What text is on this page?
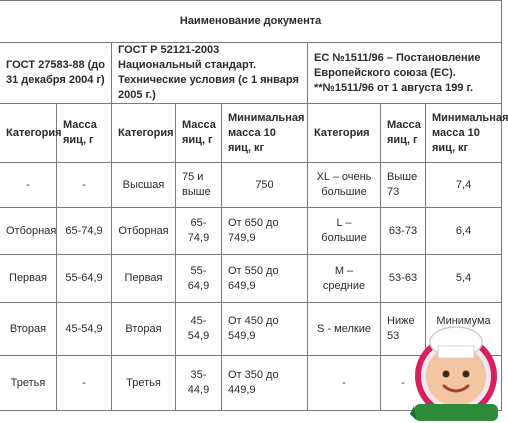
Наименование документа							
ГОСТ 27583-88 (до 31 декабря 2004 г)		ГОСТ Р 52121-2003 Национальный стандарт. Технические условия (с 1 января 2005 г.)			ЕС №1511/96 – Постановление Европейского союза (ЕС). **№1511/96 от 1 августа 199 г.		
Категория	Масса яиц, г	Категория	Масса яиц, г	Минимальная масса 10 яиц, кг	Категория	Масса яиц, г	Минимальная масса 10 яиц, кг
-	-	Высшая	75 и выше	750	XL – очень большие	Выше 73	7,4
Отборная	65-74,9	Отборная	65-74,9	От 650 до 749,9	L – большие	63-73	6,4
Первая	55-64,9	Первая	55-64,9	От 550 до 649,9	M – средние	53-63	5,4
Вторая	45-54,9	Вторая	45-54,9	От 450 до 549,9	S - мелкие	Ниже 53	Минимума
Третья	-	Третья	35-44,9	От 350 до 449,9	-	-	
